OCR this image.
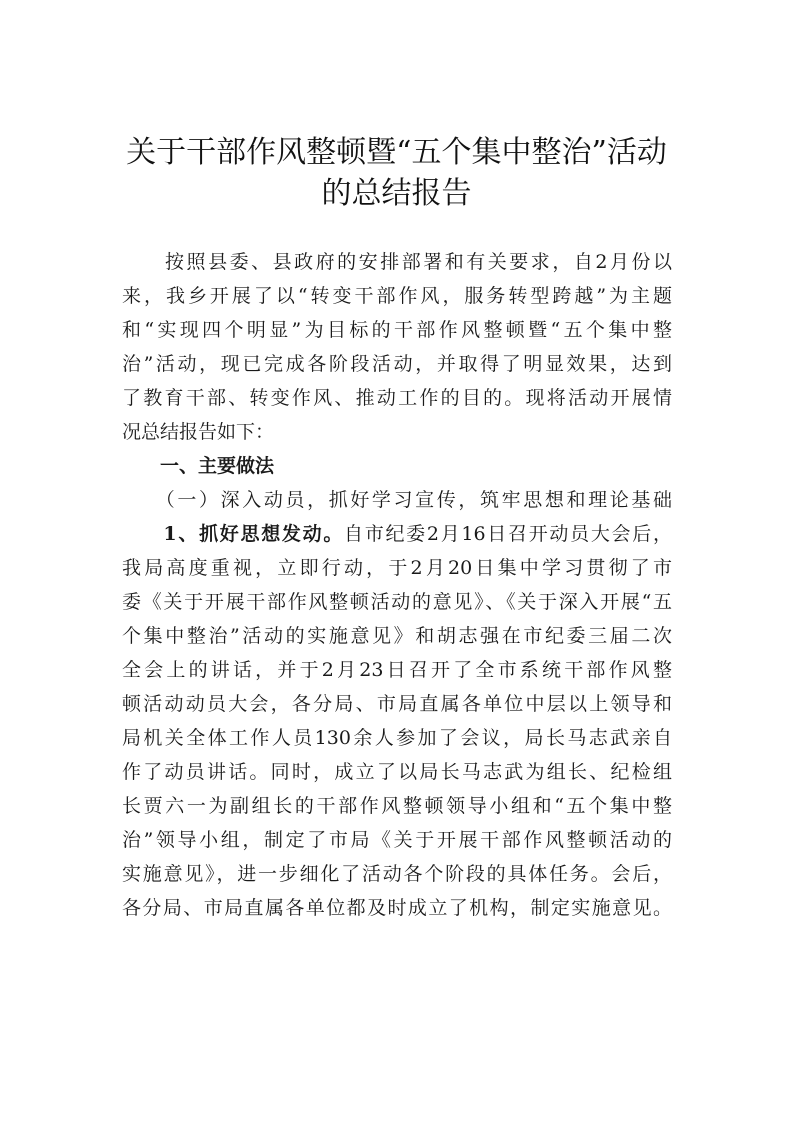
关于干部作风整顿暨“五个集中整治”活动
的总结报告
　　按照县委、县政府的安排部署和有关要求，自2月份以
来，我乡开展了以“转变干部作风，服务转型跨越”为主题
和“实现四个明显”为目标的干部作风整顿暨“五个集中整
治”活动，现已完成各阶段活动，并取得了明显效果，达到
了教育干部、转变作风、推动工作的目的。现将活动开展情
况总结报告如下：
　　一、主要做法
　　（一）深入动员，抓好学习宣传，筑牢思想和理论基础
　　1、抓好思想发动。自市纪委2月16日召开动员大会后，
我局高度重视，立即行动，于2月20日集中学习贯彻了市
委《关于开展干部作风整顿活动的意见》、《关于深入开展“五
个集中整治”活动的实施意见》和胡志强在市纪委三届二次
全会上的讲话，并于2月23日召开了全市系统干部作风整
顿活动动员大会，各分局、市局直属各单位中层以上领导和
局机关全体工作人员130余人参加了会议，局长马志武亲自
作了动员讲话。同时，成立了以局长马志武为组长、纪检组
长贾六一为副组长的干部作风整顿领导小组和“五个集中整
治”领导小组，制定了市局《关于开展干部作风整顿活动的
实施意见》，进一步细化了活动各个阶段的具体任务。会后，
各分局、市局直属各单位都及时成立了机构，制定实施意见。
